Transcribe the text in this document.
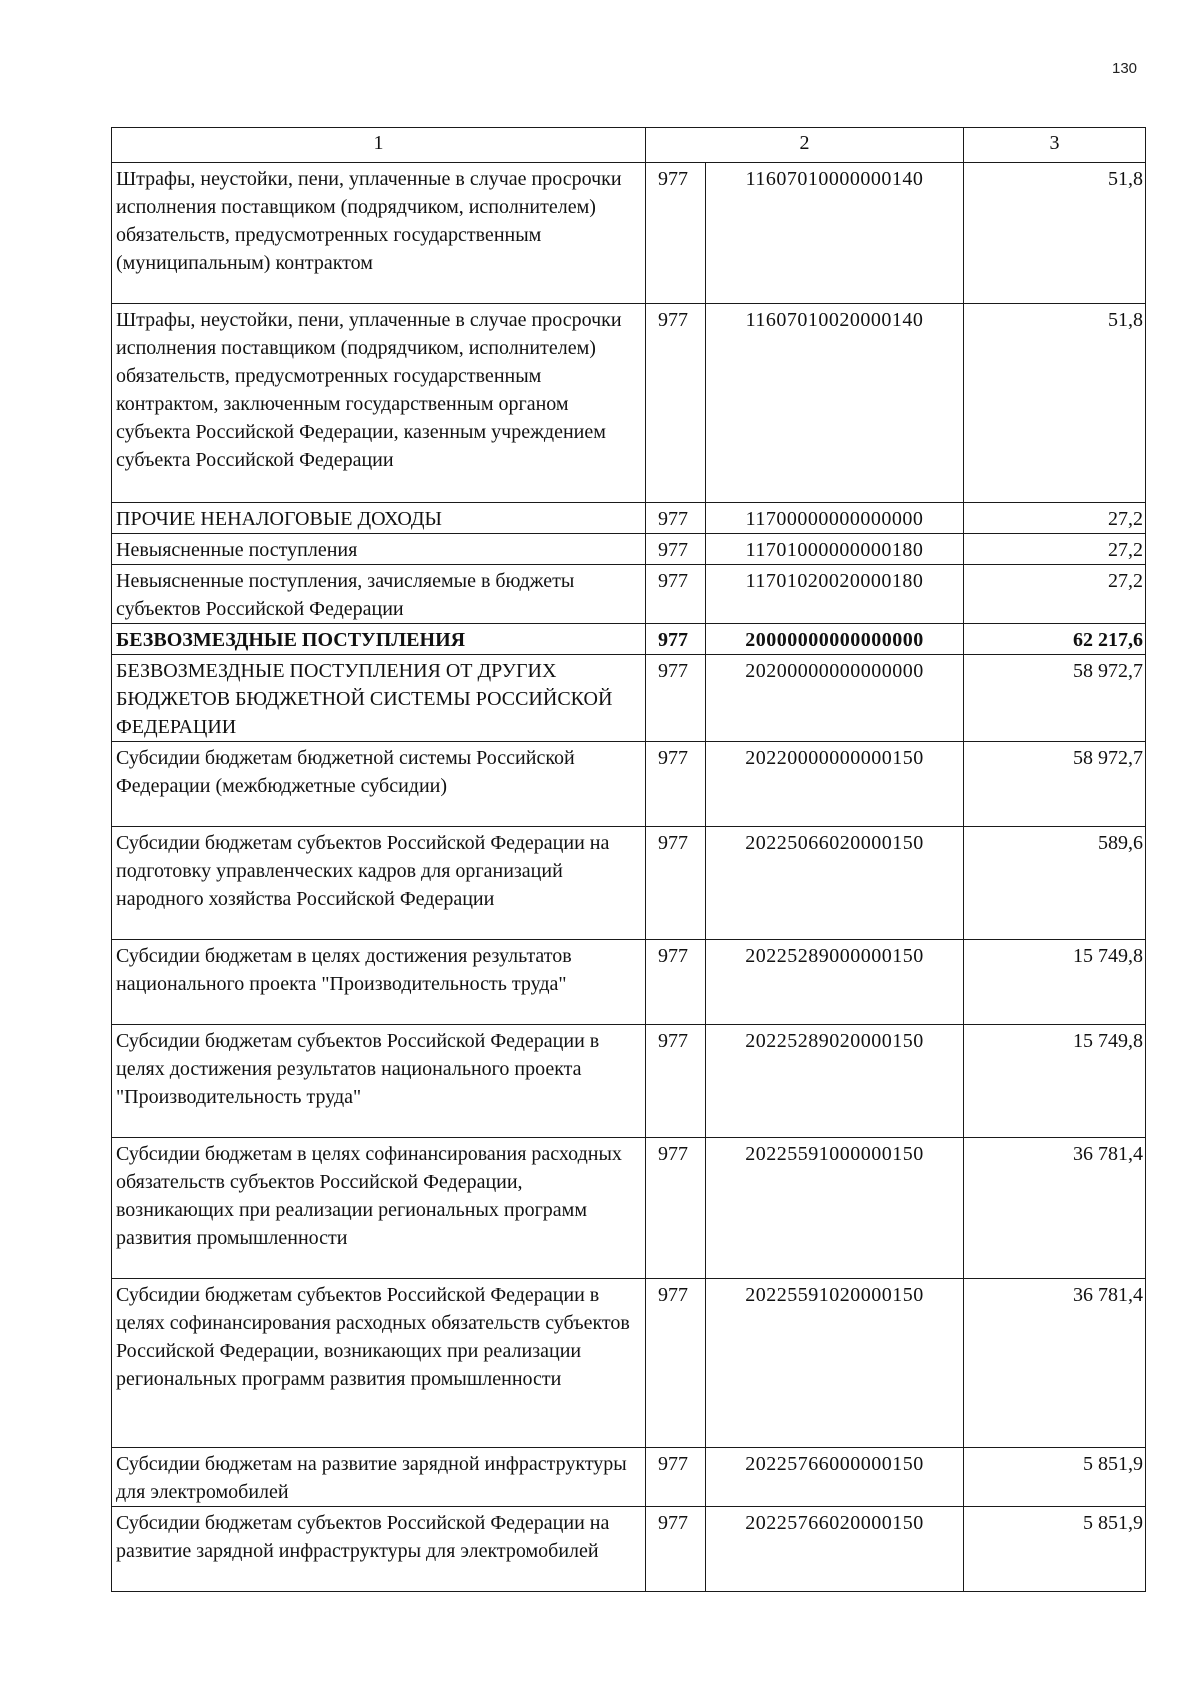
130
1	2		3
Штрафы, неустойки, пени, уплаченные в случае просрочки исполнения поставщиком (подрядчиком, исполнителем) обязательств, предусмотренных государственным (муниципальным) контрактом	977	11607010000000140	51,8
Штрафы, неустойки, пени, уплаченные в случае просрочки исполнения поставщиком (подрядчиком, исполнителем) обязательств, предусмотренных государственным контрактом, заключенным государственным органом субъекта Российской Федерации, казенным учреждением субъекта Российской Федерации	977	11607010020000140	51,8
ПРОЧИЕ НЕНАЛОГОВЫЕ ДОХОДЫ	977	11700000000000000	27,2
Невыясненные поступления	977	11701000000000180	27,2
Невыясненные поступления, зачисляемые в бюджеты субъектов Российской Федерации	977	11701020020000180	27,2
БЕЗВОЗМЕЗДНЫЕ ПОСТУПЛЕНИЯ	977	20000000000000000	62 217,6
БЕЗВОЗМЕЗДНЫЕ ПОСТУПЛЕНИЯ ОТ ДРУГИХ БЮДЖЕТОВ БЮДЖЕТНОЙ СИСТЕМЫ РОССИЙСКОЙ ФЕДЕРАЦИИ	977	20200000000000000	58 972,7
Субсидии бюджетам бюджетной системы Российской Федерации (межбюджетные субсидии)	977	20220000000000150	58 972,7
Субсидии бюджетам субъектов Российской Федерации на подготовку управленческих кадров для организаций народного хозяйства Российской Федерации	977	20225066020000150	589,6
Субсидии бюджетам в целях достижения результатов национального проекта "Производительность труда"	977	20225289000000150	15 749,8
Субсидии бюджетам субъектов Российской Федерации в целях достижения результатов национального проекта "Производительность труда"	977	20225289020000150	15 749,8
Субсидии бюджетам в целях софинансирования расходных обязательств субъектов Российской Федерации, возникающих при реализации региональных программ развития промышленности	977	20225591000000150	36 781,4
Субсидии бюджетам субъектов Российской Федерации в целях софинансирования расходных обязательств субъектов Российской Федерации, возникающих при реализации региональных программ развития промышленности	977	20225591020000150	36 781,4
Субсидии бюджетам на развитие зарядной инфраструктуры для электромобилей	977	20225766000000150	5 851,9
Субсидии бюджетам субъектов Российской Федерации на развитие зарядной инфраструктуры для электромобилей	977	20225766020000150	5 851,9
